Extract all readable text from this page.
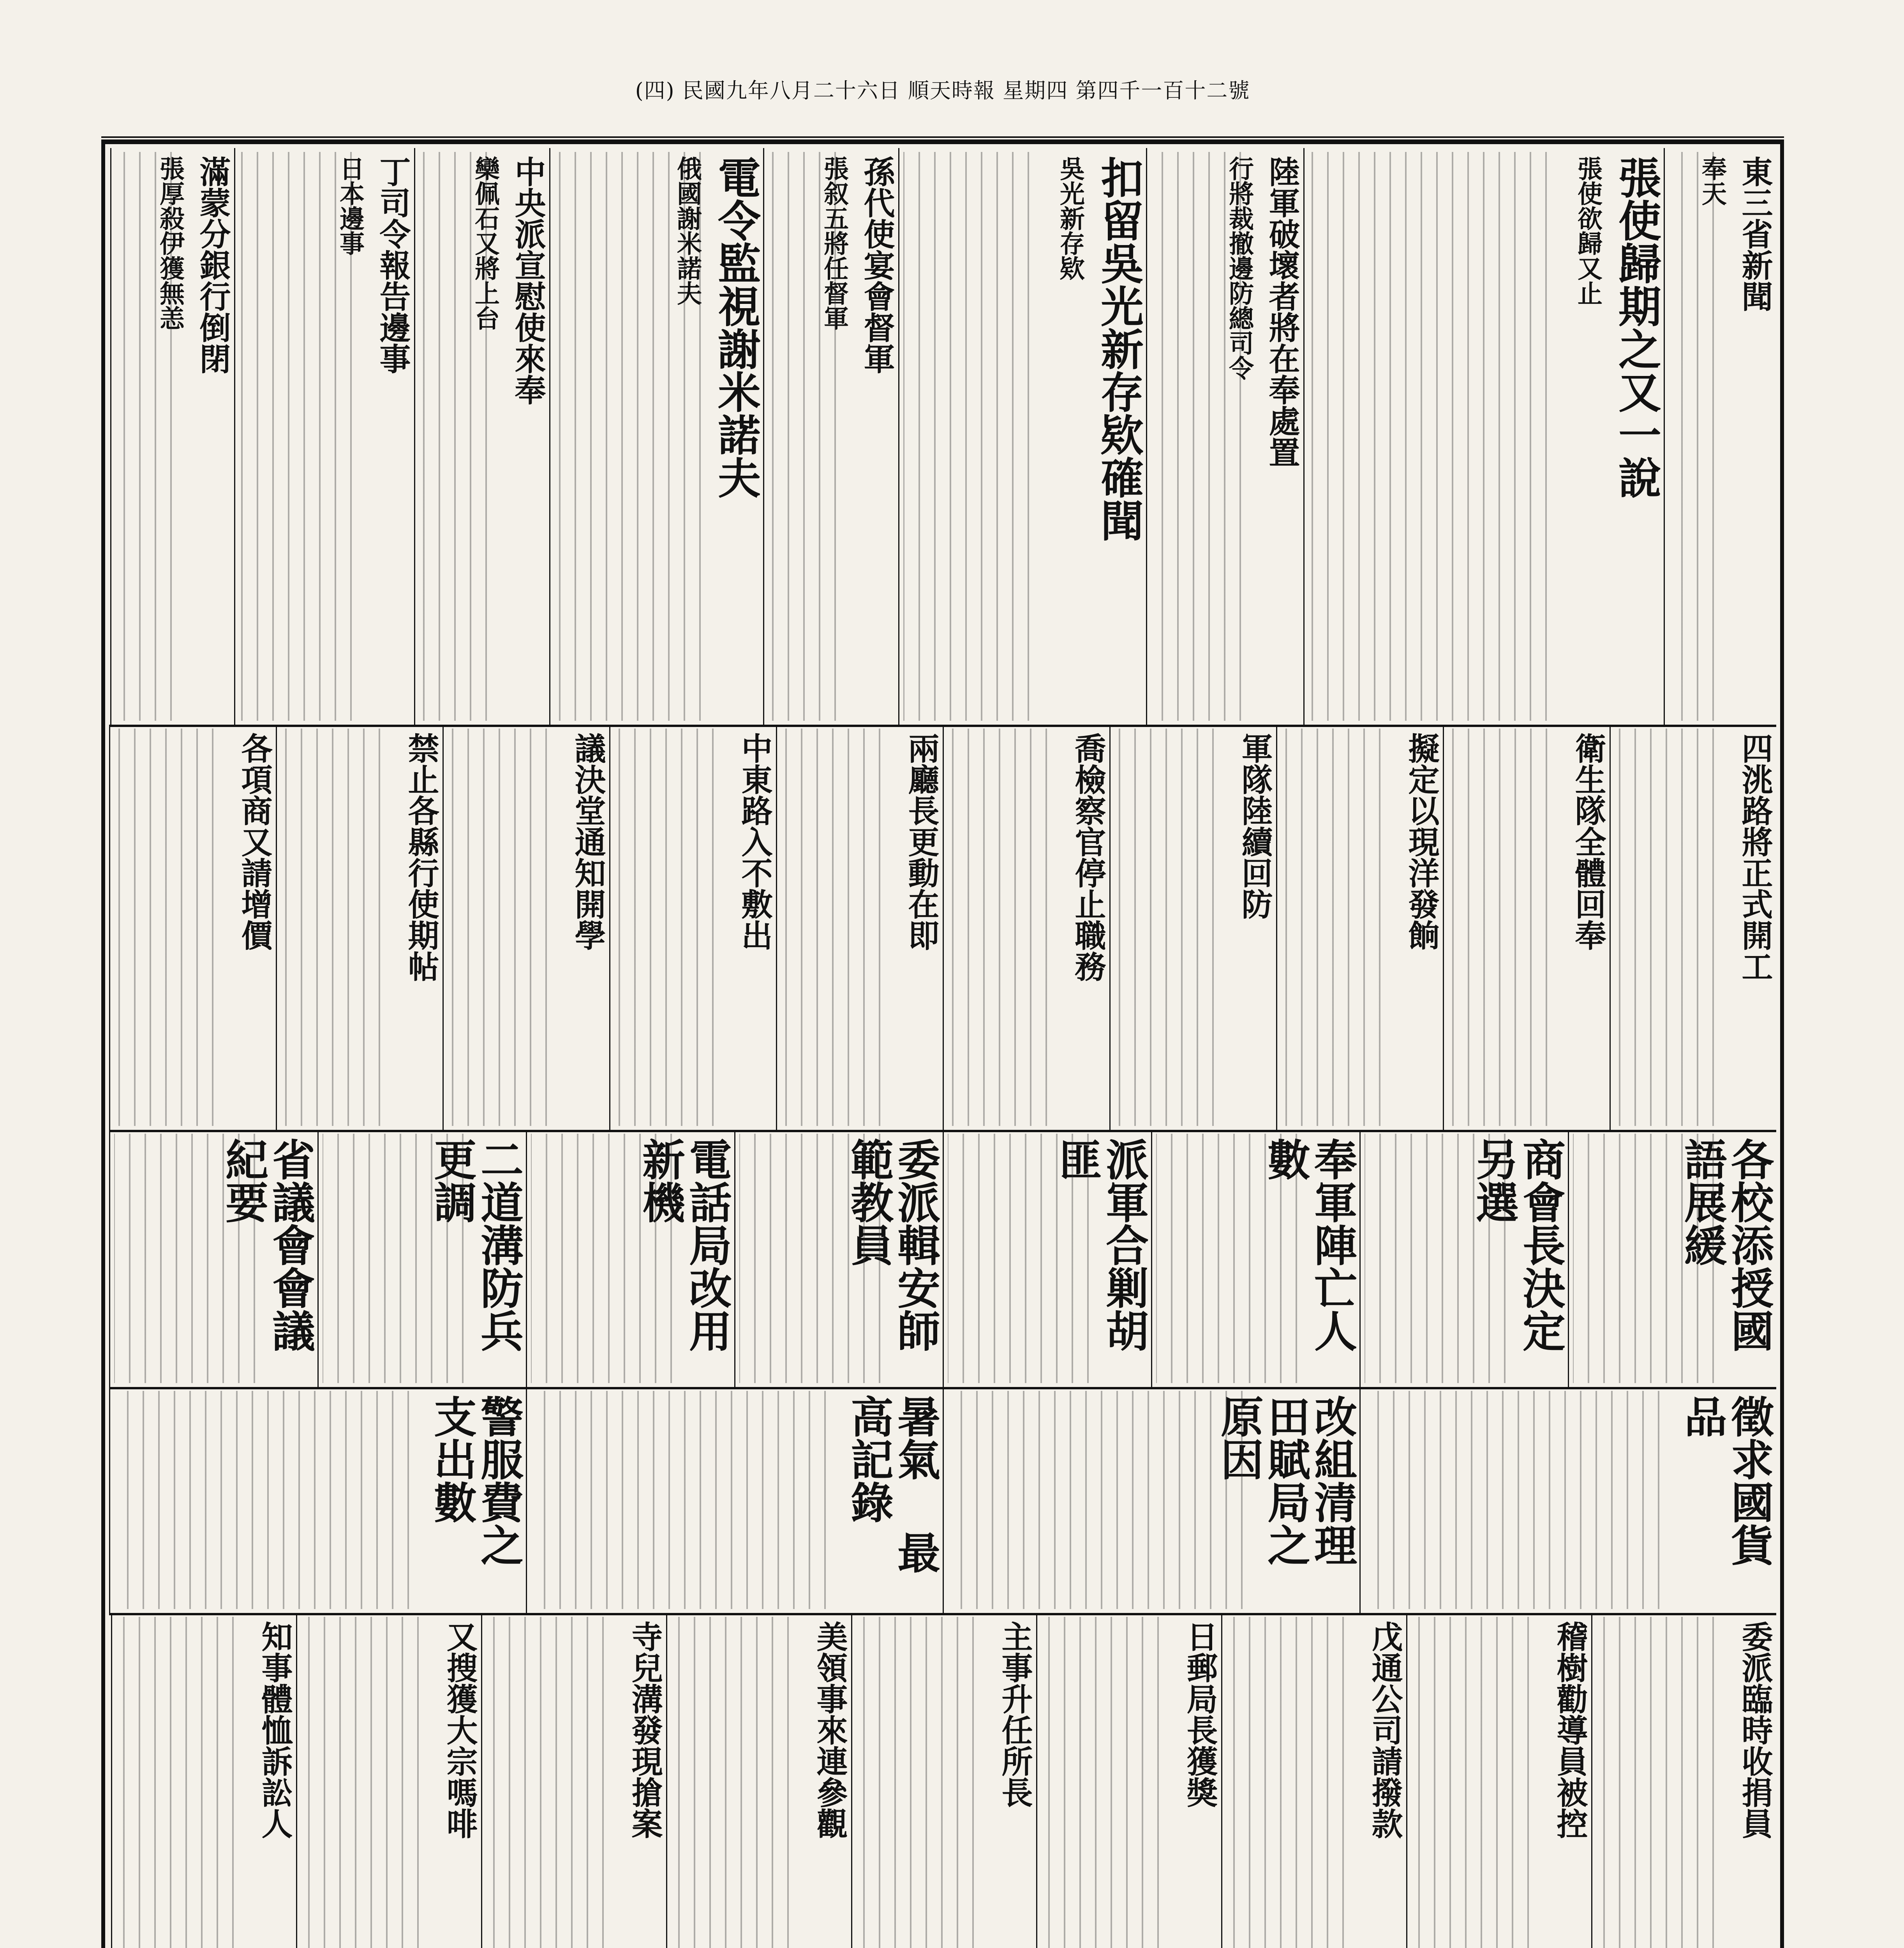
(四) 民國九年八月二十六日 順天時報 星期四 第四千一百十二號
東三省新聞
奉天
張使歸期之又一說
張使欲歸又止
陸軍破壞者將在奉處置
行將裁撤邊防總司令
扣留吳光新存欵確聞
吳光新存欵
孫代使宴會督軍
張叙五將任督軍
電令監視謝米諾夫
俄國謝米諾夫
中央派宣慰使來奉
欒佩石又將上台
丁司令報告邊事
日本邊事
滿蒙分銀行倒閉
張厚殺伊獲無恙
四洮路將正式開工
衛生隊全體回奉
擬定以現洋發餉
軍隊陸續回防
喬檢察官停止職務
兩廳長更動在即
中東路入不敷出
議決堂通知開學
禁止各縣行使期帖
各項商又請增價
各校添授國語展緩
商會長決定另選
奉軍陣亡人數
派軍合剿胡匪
委派輯安師範教員
電話局改用新機
二道溝防兵更調
省議會會議紀要
徵求國貨品
改組清理田賦局之原因
暑氣 最高記錄
警服費之支出數
委派臨時收捐員
稽樹勸導員被控
戊通公司請撥款
日郵局長獲獎
主事升任所長
美領事來連參觀
寺兒溝發現搶案
又搜獲大宗嗎啡
知事體恤訴訟人
